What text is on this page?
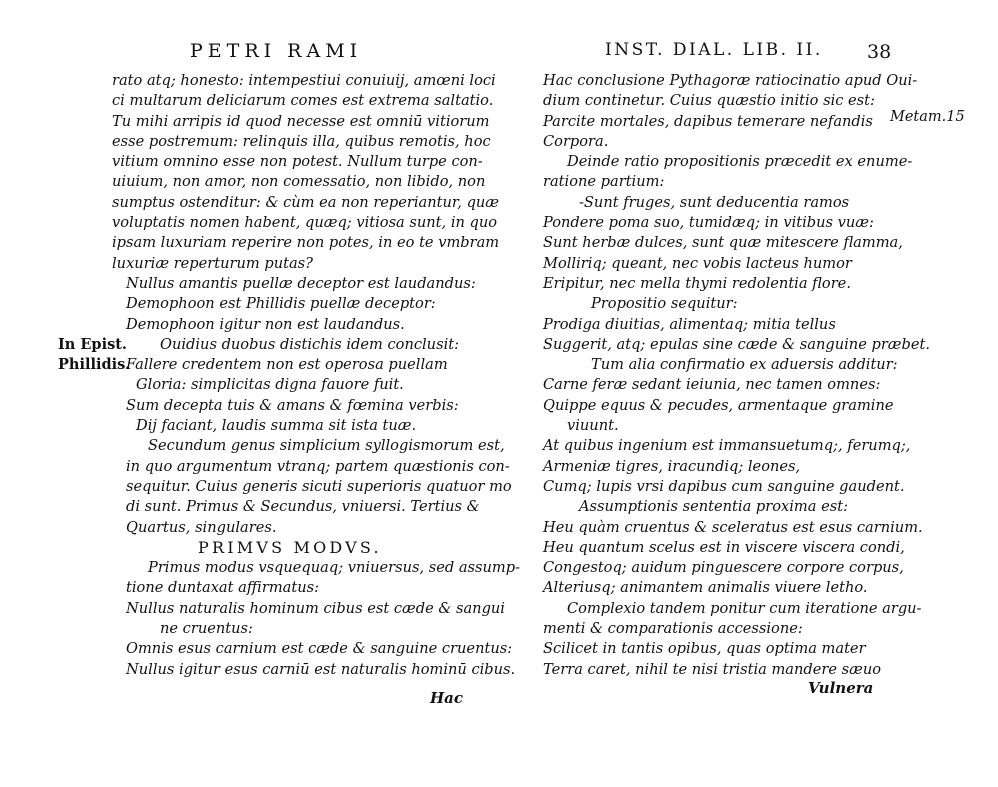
PETRI RAMI
rato atq; honesto: intempestiui conuiuij, amœni loci
ci multarum deliciarum comes est extrema saltatio.
Tu mihi arripis id quod necesse est omniū vitiorum
esse postremum: relinquis illa, quibus remotis, hoc
vitium omnino esse non potest. Nullum turpe con-
uiuium, non amor, non comessatio, non libido, non
sumptus ostenditur: & cùm ea non reperiantur, quæ
voluptatis nomen habent, quæq; vitiosa sunt, in quo
ipsam luxuriam reperire non potes, in eo te vmbram
luxuriæ reperturum putas?
Nullus amantis puellæ deceptor est laudandus:
Demophoon est Phillidis puellæ deceptor:
Demophoon igitur non est laudandus.
Ouidius duobus distichis idem conclusit:
Fallere credentem non est operosa puellam
Gloria: simplicitas digna fauore fuit.
Sum decepta tuis & amans & fœmina verbis:
Dij faciant, laudis summa sit ista tuæ.
Secundum genus simplicium syllogismorum est,
in quo argumentum vtranq; partem quæstionis con-
sequitur. Cuius generis sicuti superioris quatuor mo
di sunt. Primus & Secundus, vniuersi. Tertius &
Quartus, singulares.
PRIMVS MODVS.
Primus modus vsquequaq; vniuersus, sed assump-
tione duntaxat affirmatus:
Nullus naturalis hominum cibus est cæde & sangui
ne cruentus:
Omnis esus carnium est cæde & sanguine cruentus:
Nullus igitur esus carniū est naturalis hominū cibus.
Hac
In Epist.
Phillidis.
INST. DIAL. LIB. II. 38
Hac conclusione Pythagoræ ratiocinatio apud Oui-
dium continetur. Cuius quæstio initio sic est:
Parcite mortales, dapibus temerare nefandis
Corpora.
Deinde ratio propositionis præcedit ex enume-
ratione partium:
-Sunt fruges, sunt deducentia ramos
Pondere poma suo, tumidæq; in vitibus vuæ:
Sunt herbæ dulces, sunt quæ mitescere flamma,
Molliriq; queant, nec vobis lacteus humor
Eripitur, nec mella thymi redolentia flore.
Propositio sequitur:
Prodiga diuitias, alimentaq; mitia tellus
Suggerit, atq; epulas sine cæde & sanguine præbet.
Tum alia confirmatio ex aduersis additur:
Carne feræ sedant ieiunia, nec tamen omnes:
Quippe equus & pecudes, armentaque gramine
viuunt.
At quibus ingenium est immansuetumq;, ferumq;,
Armeniæ tigres, iracundiq; leones,
Cumq; lupis vrsi dapibus cum sanguine gaudent.
Assumptionis sententia proxima est:
Heu quàm cruentus & sceleratus est esus carnium.
Heu quantum scelus est in viscere viscera condi,
Congestoq; auidum pinguescere corpore corpus,
Alteriusq; animantem animalis viuere letho.
Complexio tandem ponitur cum iteratione argu-
menti & comparationis accessione:
Scilicet in tantis opibus, quas optima mater
Terra caret, nihil te nisi tristia mandere sæuo
Vulnera
Metam.15
